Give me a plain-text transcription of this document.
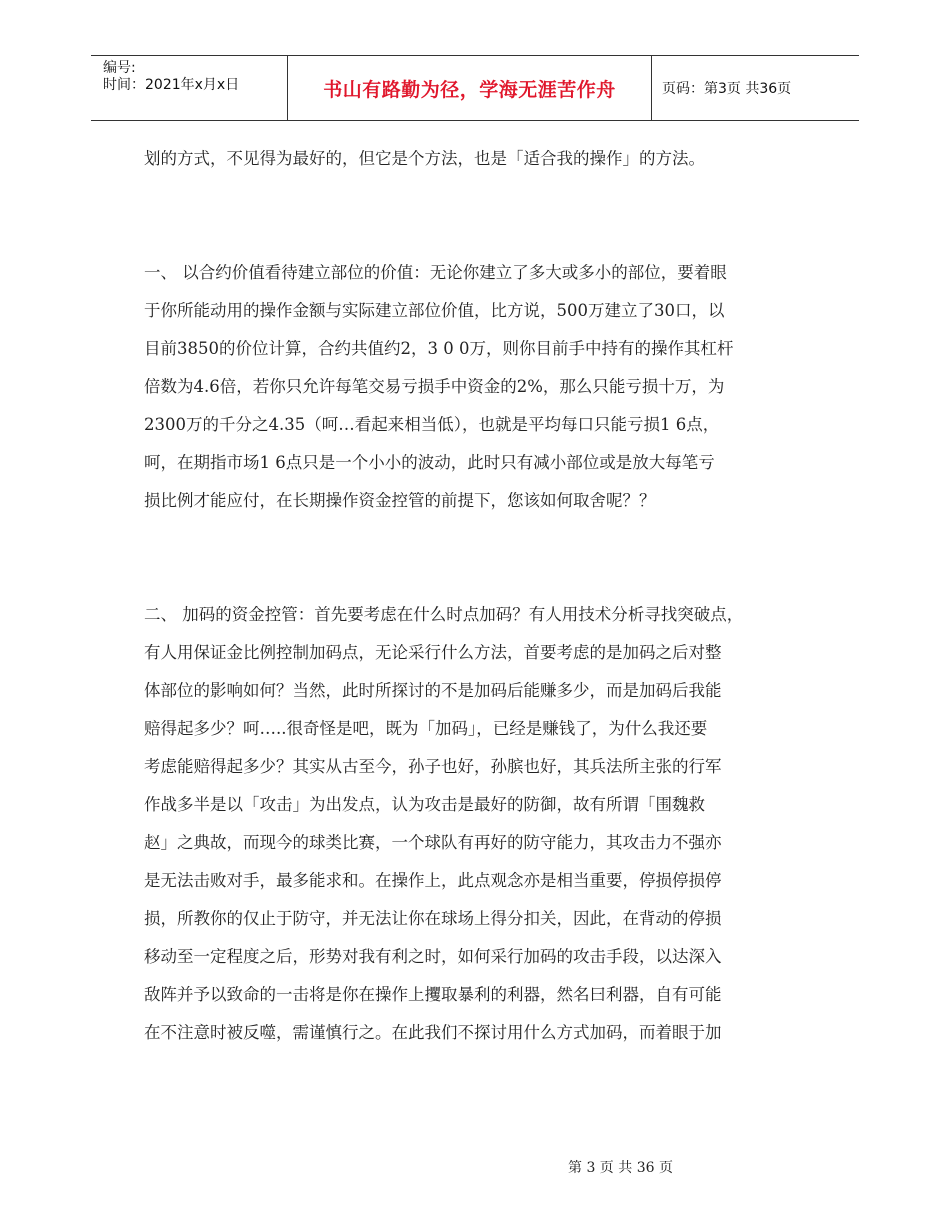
编号:
时间：2021年x月x日	书山有路勤为径，学海无涯苦作舟	页码：第3页 共36页

划的方式，不见得为最好的，但它是个方法，也是「适合我的操作」的方法。

一、 以合约价值看待建立部位的价值：无论你建立了多大或多小的部位，要着眼

于你所能动用的操作金额与实际建立部位价值，比方说，500万建立了30口，以

目前3850的价位计算，合约共值约2，3 0 0万，则你目前手中持有的操作其杠杆

倍数为4.6倍，若你只允许每笔交易亏损手中资金的2%，那么只能亏损十万，为

2300万的千分之4.35（呵…看起来相当低），也就是平均每口只能亏损1 6点，

呵，在期指市场1 6点只是一个小小的波动，此时只有减小部位或是放大每笔亏

损比例才能应付，在长期操作资金控管的前提下，您该如何取舍呢？？

二、 加码的资金控管：首先要考虑在什么时点加码？有人用技术分析寻找突破点，

有人用保证金比例控制加码点，无论采行什么方法，首要考虑的是加码之后对整

体部位的影响如何？当然，此时所探讨的不是加码后能赚多少，而是加码后我能

赔得起多少？呵…..很奇怪是吧，既为「加码」，已经是赚钱了，为什么我还要

考虑能赔得起多少？其实从古至今，孙子也好，孙膑也好，其兵法所主张的行军

作战多半是以「攻击」为出发点，认为攻击是最好的防御，故有所谓「围魏救

赵」之典故，而现今的球类比赛，一个球队有再好的防守能力，其攻击力不强亦

是无法击败对手，最多能求和。在操作上，此点观念亦是相当重要，停损停损停

损，所教你的仅止于防守，并无法让你在球场上得分扣关，因此，在背动的停损

移动至一定程度之后，形势对我有利之时，如何采行加码的攻击手段，以达深入

敌阵并予以致命的一击将是你在操作上攫取暴利的利器，然名曰利器，自有可能

在不注意时被反噬，需谨慎行之。在此我们不探讨用什么方式加码，而着眼于加

第 3 页 共 36 页
